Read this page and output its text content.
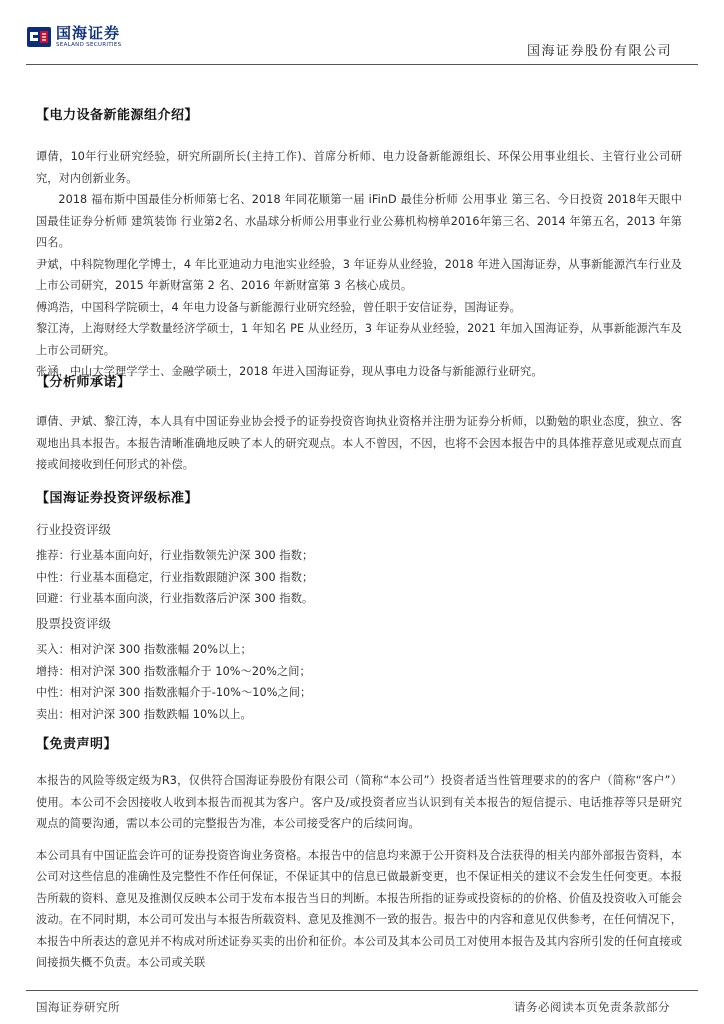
国海证券
SEALAND SECURITIES	国海证券股份有限公司
【电力设备新能源组介绍】

谭倩，10年行业研究经验，研究所副所长(主持工作)、首席分析师、电力设备新能源组长、环保公用事业组长、主管行业公司研究，对内创新业务。

2018 福布斯中国最佳分析师第七名、2018 年同花顺第一届 iFinD 最佳分析师 公用事业 第三名、今日投资 2018年天眼中国最佳证券分析师 建筑装饰 行业第2名、水晶球分析师公用事业行业公募机构榜单2016年第三名、2014 年第五名，2013 年第四名。

尹斌，中科院物理化学博士，4 年比亚迪动力电池实业经验，3 年证券从业经验，2018 年进入国海证券，从事新能源汽车行业及上市公司研究，2015 年新财富第 2 名、2016 年新财富第 3 名核心成员。

傅鸿浩，中国科学院硕士，4 年电力设备与新能源行业研究经验，曾任职于安信证券，国海证券。

黎江涛，上海财经大学数量经济学硕士，1 年知名 PE 从业经历，3 年证券从业经验，2021 年加入国海证券，从事新能源汽车及上市公司研究。

张涵，中山大学理学学士、金融学硕士，2018 年进入国海证券，现从事电力设备与新能源行业研究。

【分析师承诺】

谭倩、尹斌、黎江涛，本人具有中国证券业协会授予的证券投资咨询执业资格并注册为证券分析师，以勤勉的职业态度，独立、客观地出具本报告。本报告清晰准确地反映了本人的研究观点。本人不曾因，不因，也将不会因本报告中的具体推荐意见或观点而直接或间接收到任何形式的补偿。

【国海证券投资评级标准】
行业投资评级

推荐：行业基本面向好，行业指数领先沪深 300 指数；

中性：行业基本面稳定，行业指数跟随沪深 300 指数；

回避：行业基本面向淡，行业指数落后沪深 300 指数。

股票投资评级

买入：相对沪深 300 指数涨幅 20%以上；

增持：相对沪深 300 指数涨幅介于 10%～20%之间；

中性：相对沪深 300 指数涨幅介于-10%～10%之间；

卖出：相对沪深 300 指数跌幅 10%以上。

【免责声明】

本报告的风险等级定级为R3，仅供符合国海证券股份有限公司（简称“本公司”）投资者适当性管理要求的的客户（简称“客户”）使用。本公司不会因接收人收到本报告而视其为客户。客户及/或投资者应当认识到有关本报告的短信提示、电话推荐等只是研究观点的简要沟通，需以本公司的完整报告为准，本公司接受客户的后续问询。

本公司具有中国证监会许可的证券投资咨询业务资格。本报告中的信息均来源于公开资料及合法获得的相关内部外部报告资料，本公司对这些信息的准确性及完整性不作任何保证，不保证其中的信息已做最新变更，也不保证相关的建议不会发生任何变更。本报告所载的资料、意见及推测仅反映本公司于发布本报告当日的判断。本报告所指的证券或投资标的的价格、价值及投资收入可能会波动。在不同时期，本公司可发出与本报告所载资料、意见及推测不一致的报告。报告中的内容和意见仅供参考，在任何情况下，本报告中所表达的意见并不构成对所述证券买卖的出价和征价。本公司及其本公司员工对使用本报告及其内容所引发的任何直接或间接损失概不负责。本公司或关联

国海证券研究所	请务必阅读本页免责条款部分
